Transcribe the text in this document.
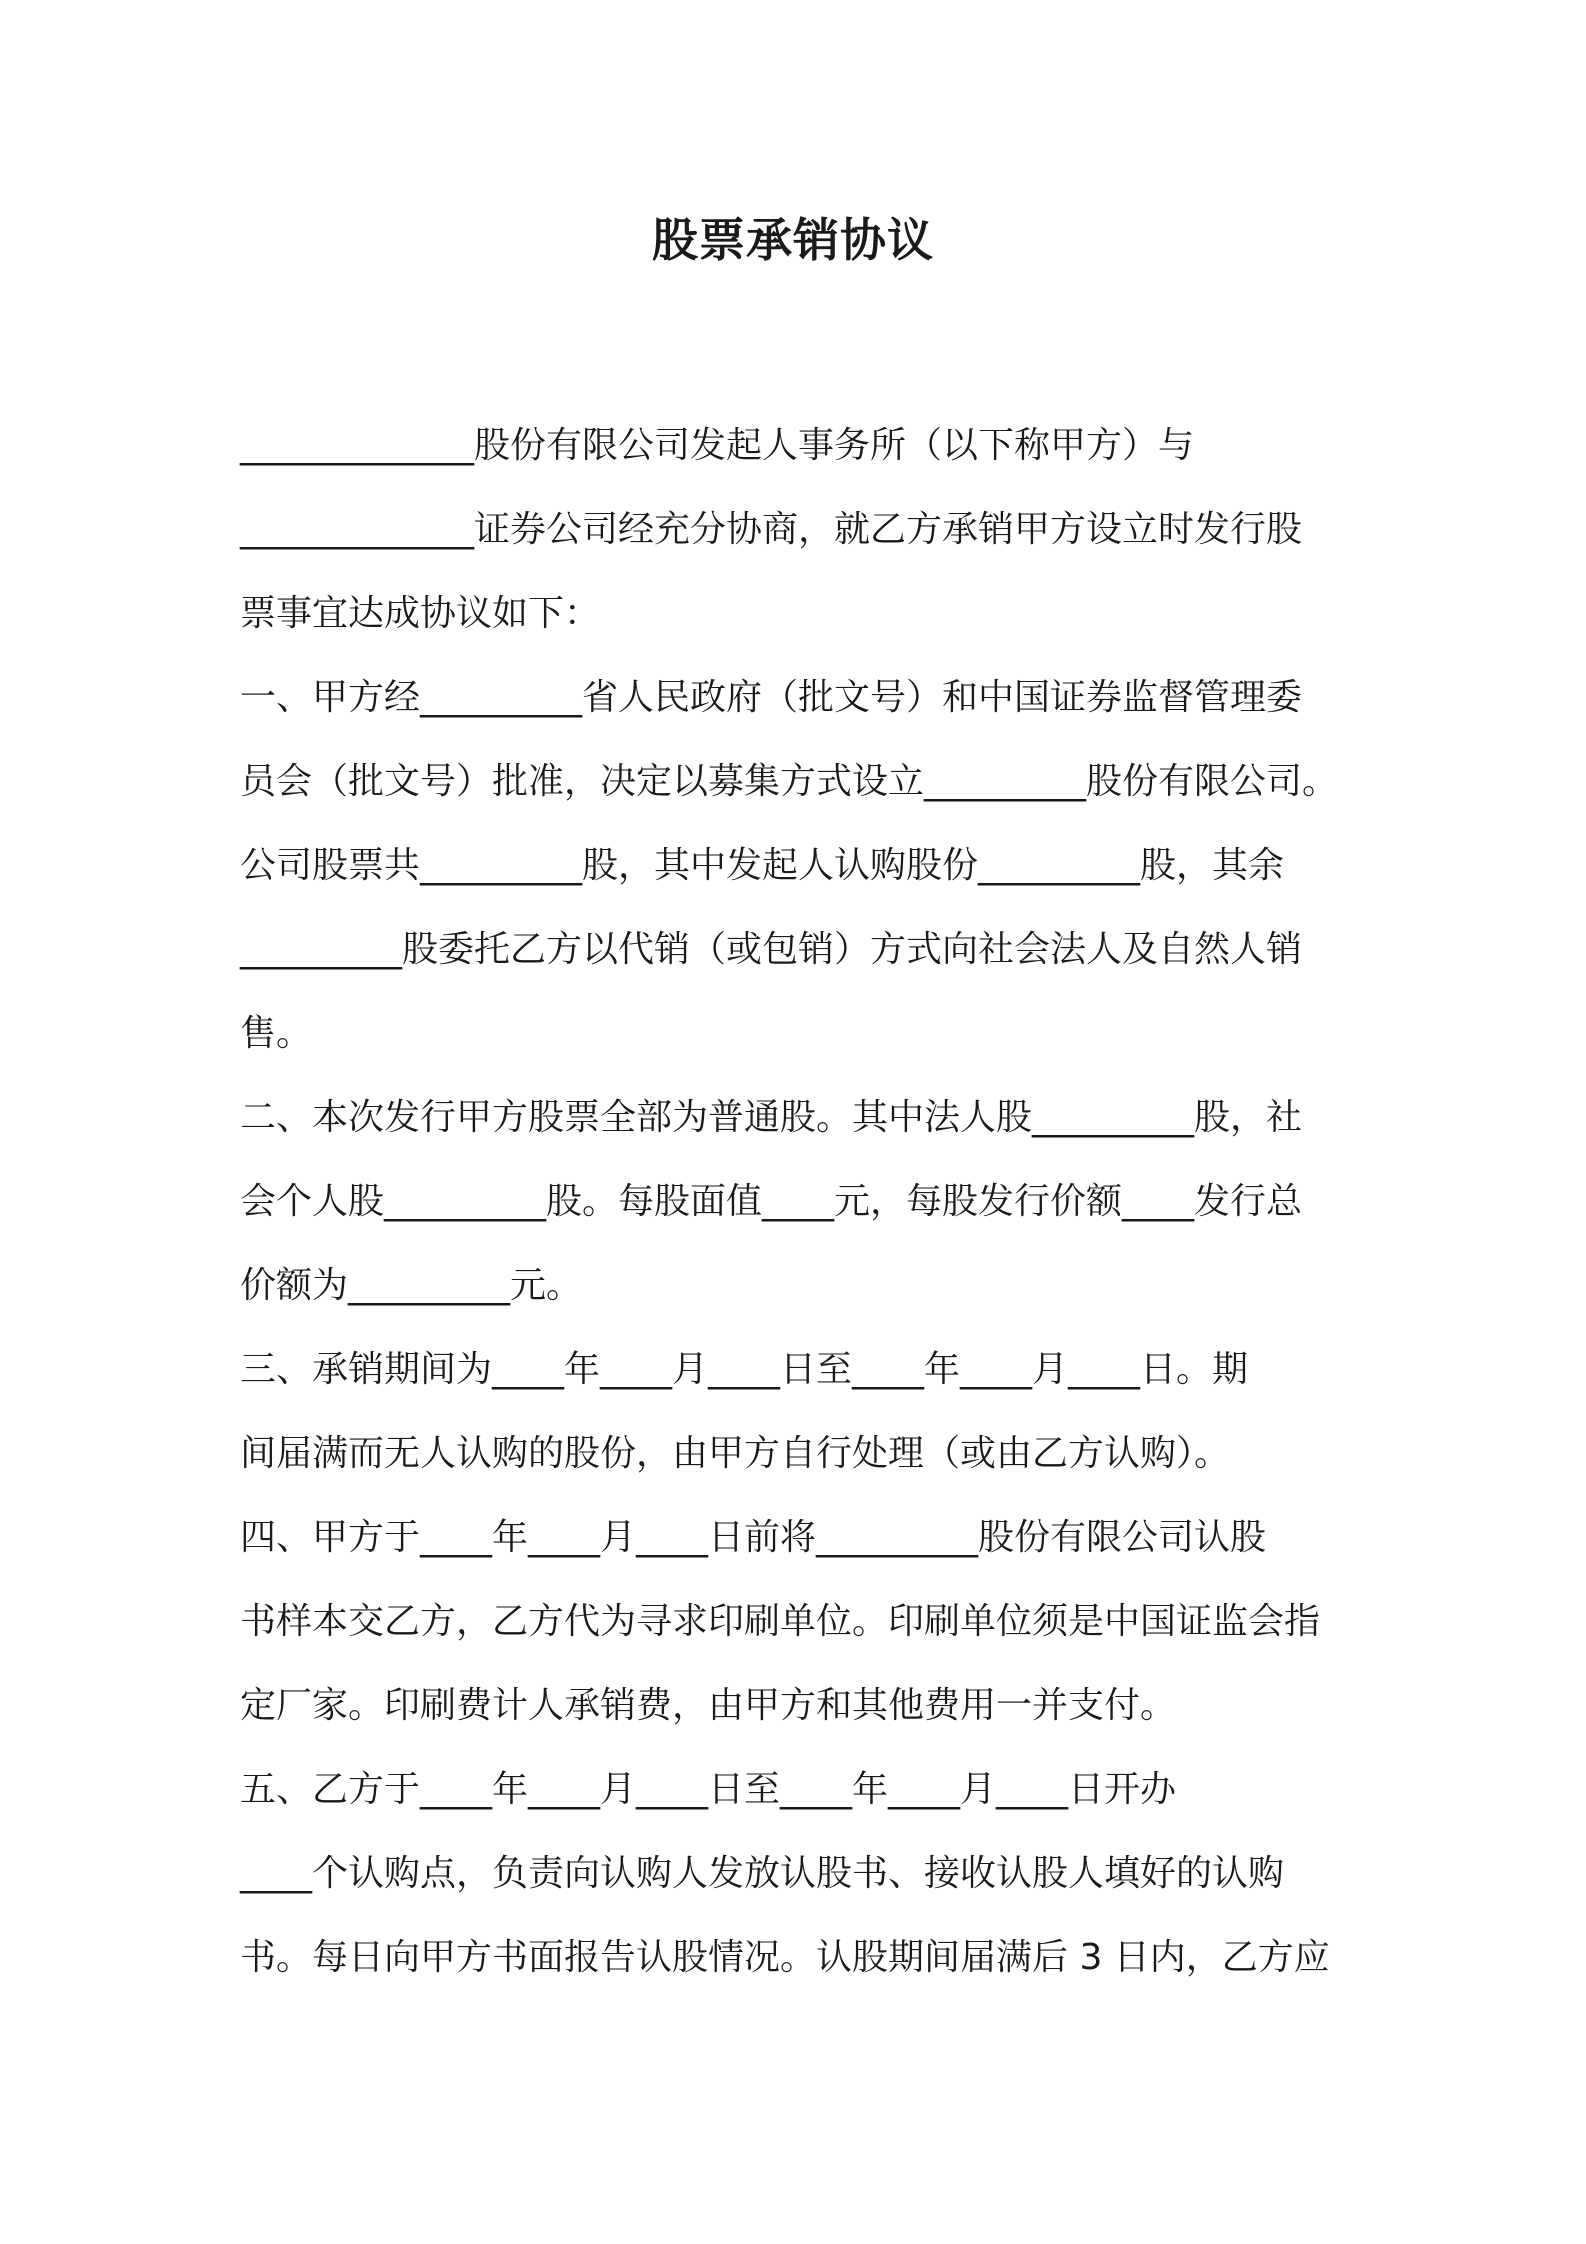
股票承销协议

_____________股份有限公司发起人事务所（以下称甲方）与

_____________证券公司经充分协商，就乙方承销甲方设立时发行股

票事宜达成协议如下：

一、甲方经_________省人民政府（批文号）和中国证券监督管理委

员会（批文号）批准，决定以募集方式设立_________股份有限公司。

公司股票共_________股，其中发起人认购股份_________股，其余

_________股委托乙方以代销（或包销）方式向社会法人及自然人销

售。

二、本次发行甲方股票全部为普通股。其中法人股_________股，社

会个人股_________股。每股面值____元，每股发行价额____发行总

价额为_________元。

三、承销期间为____年____月____日至____年____月____日。期

间届满而无人认购的股份，由甲方自行处理（或由乙方认购）。

四、甲方于____年____月____日前将_________股份有限公司认股

书样本交乙方，乙方代为寻求印刷单位。印刷单位须是中国证监会指

定厂家。印刷费计人承销费，由甲方和其他费用一并支付。

五、乙方于____年____月____日至____年____月____日开办

____个认购点，负责向认购人发放认股书、接收认股人填好的认购

书。每日向甲方书面报告认股情况。认股期间届满后 3 日内，乙方应
